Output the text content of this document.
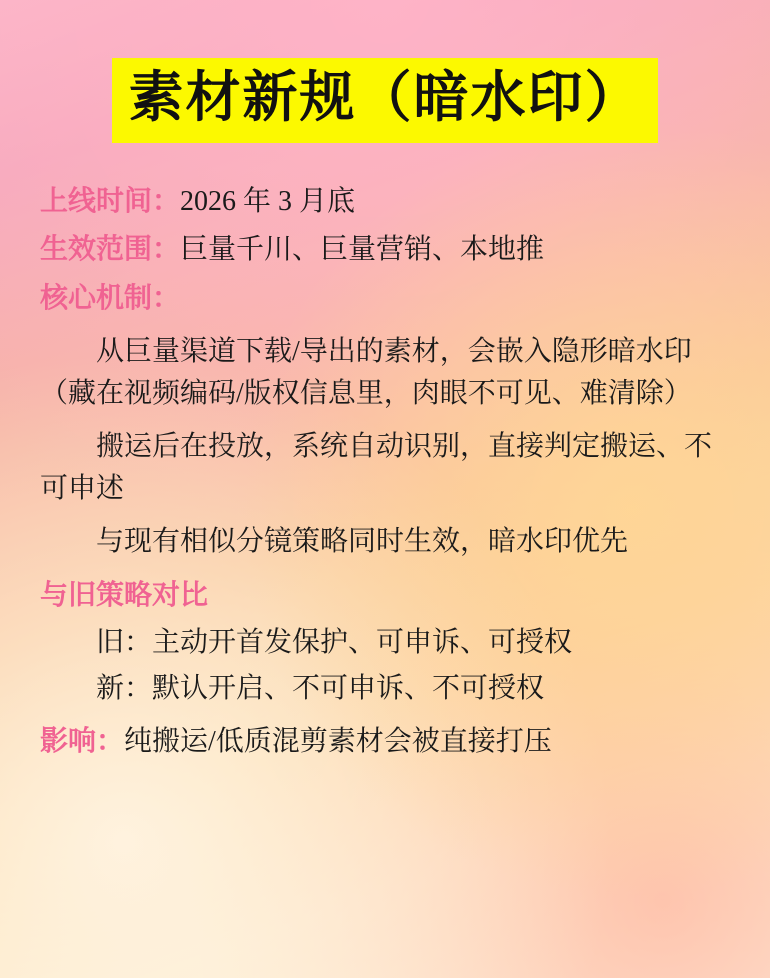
素材新规（暗水印）

上线时间：2026 年 3 月底

生效范围：巨量千川、巨量营销、本地推

核心机制：

从巨量渠道下载/导出的素材，会嵌入隐形暗水印（藏在视频编码/版权信息里，肉眼不可见、难清除）

搬运后在投放，系统自动识别，直接判定搬运、不可申述

与现有相似分镜策略同时生效，暗水印优先

与旧策略对比

旧：主动开首发保护、可申诉、可授权

新：默认开启、不可申诉、不可授权

影响：纯搬运/低质混剪素材会被直接打压
